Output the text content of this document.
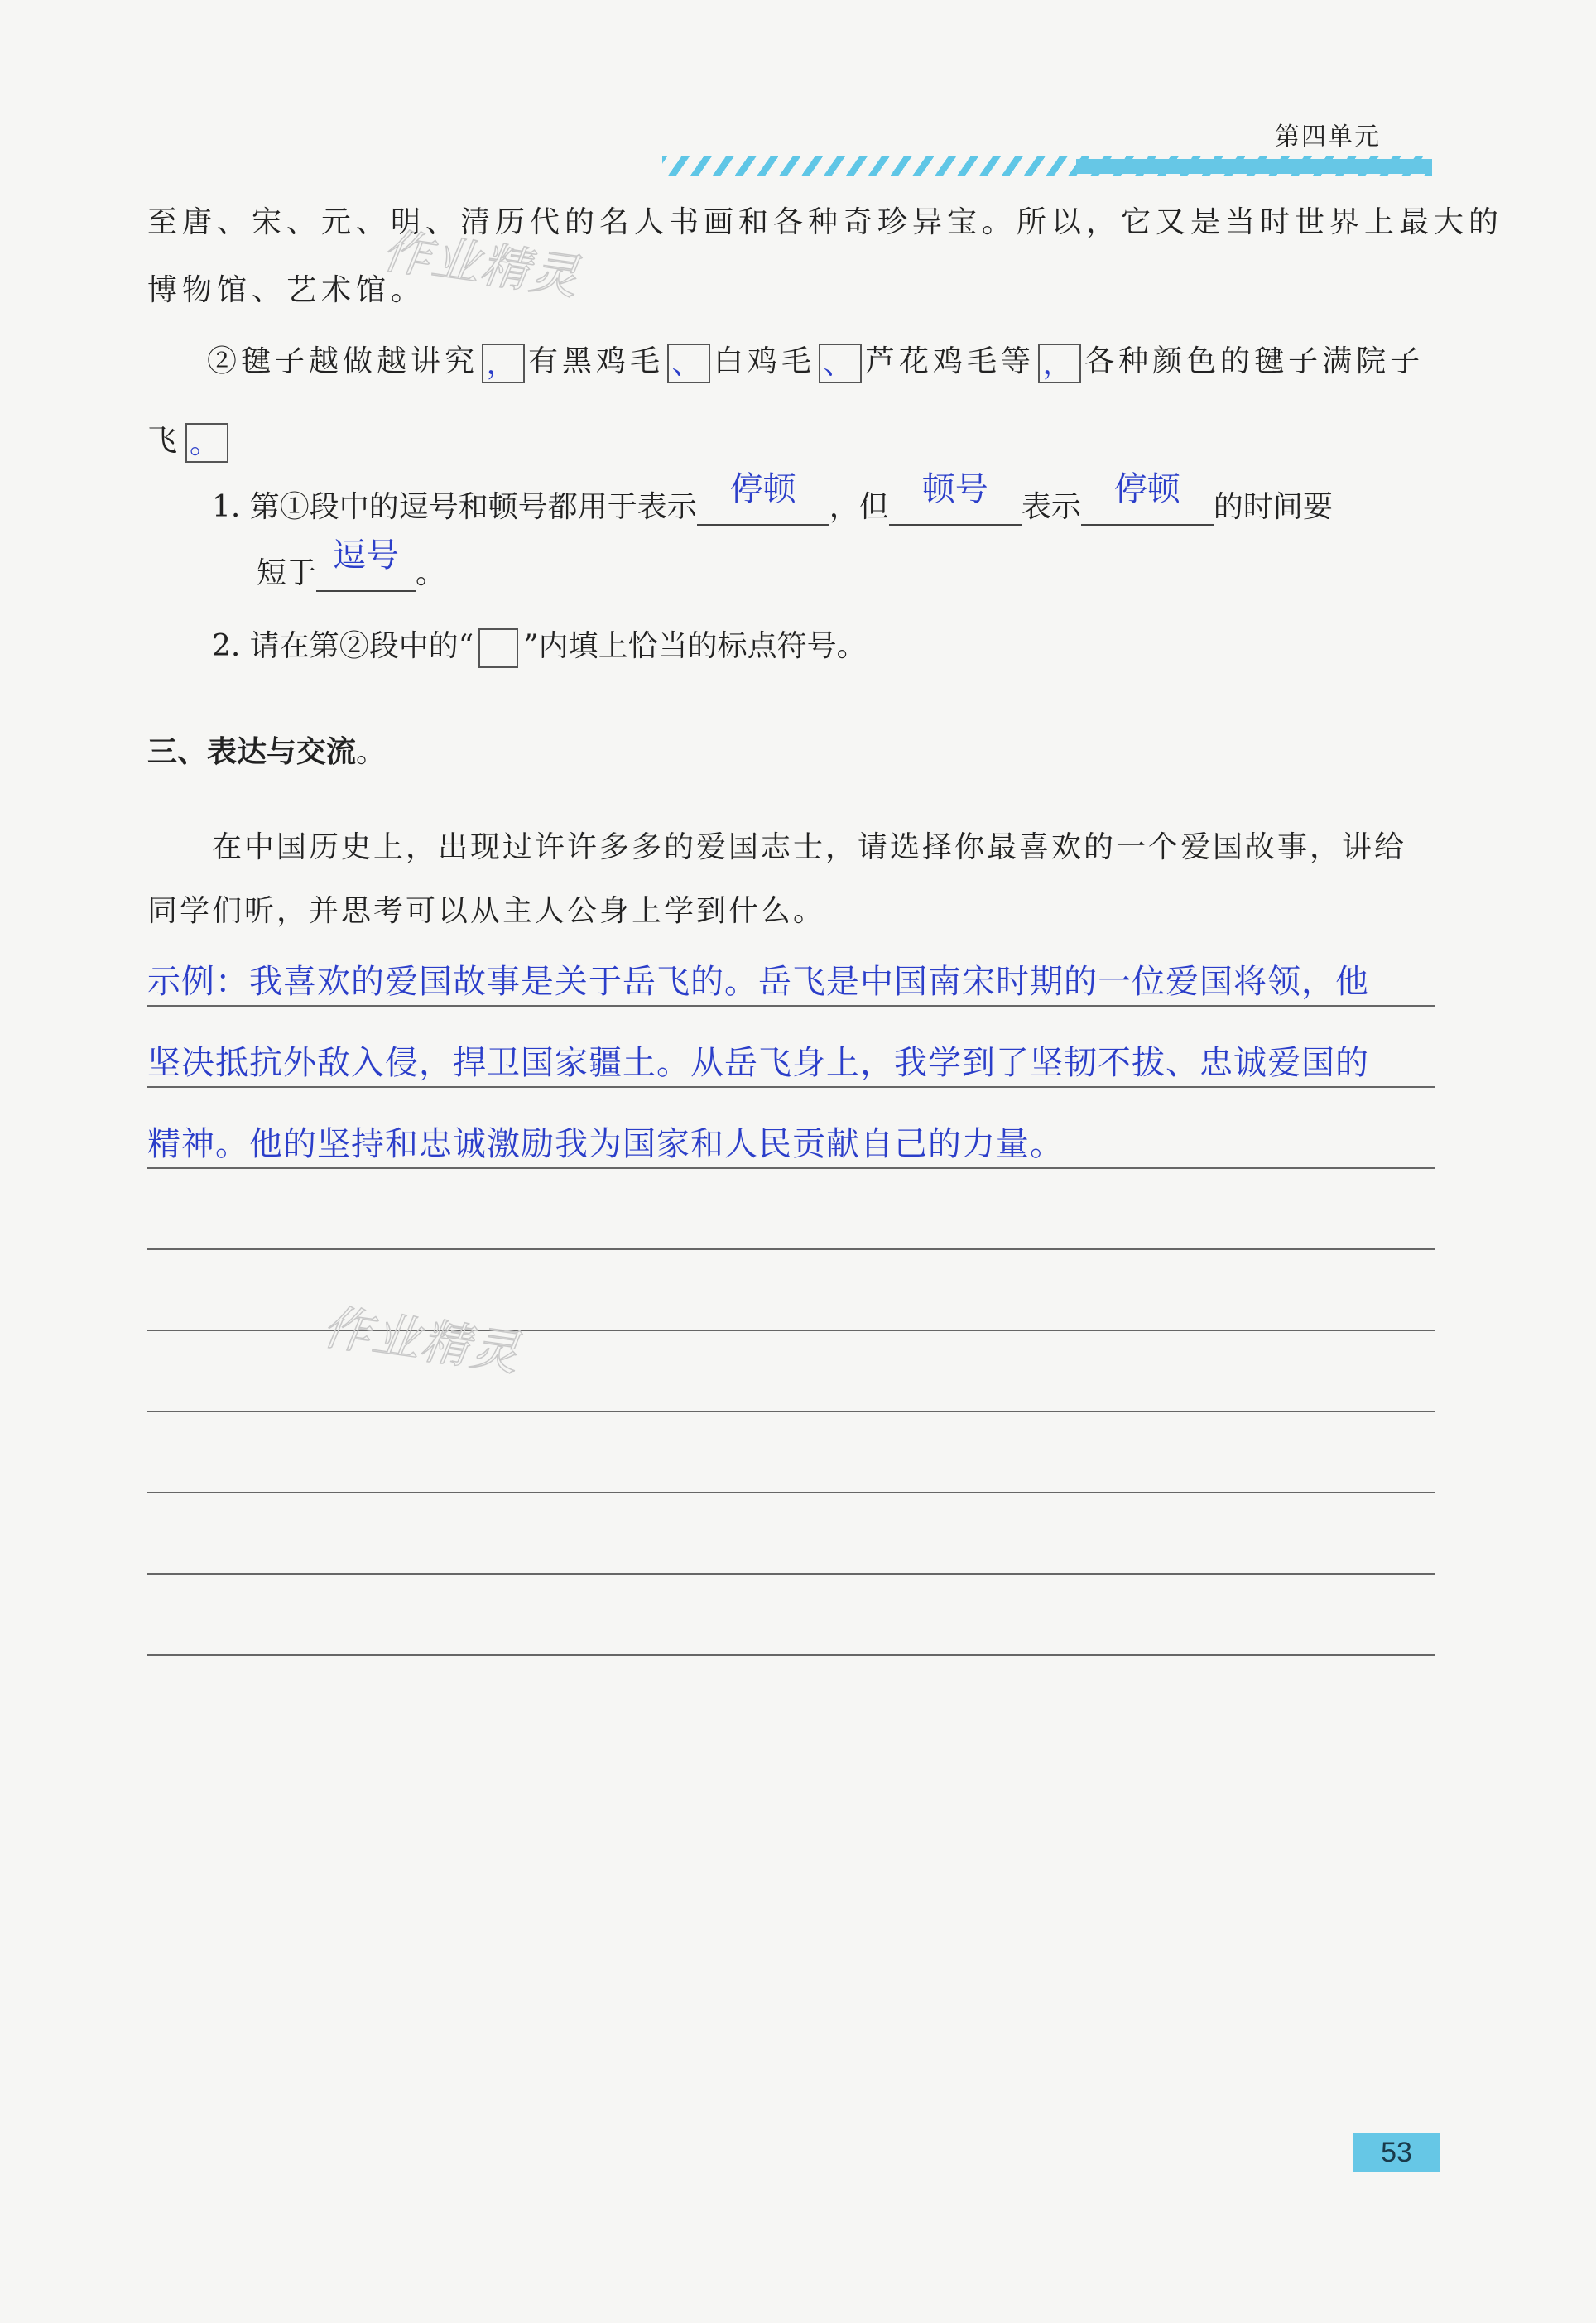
第四单元
至唐、宋、元、明、清历代的名人书画和各种奇珍异宝。所以，它又是当时世界上最大的
博物馆、艺术馆。
作业精灵
②毽子越做越讲究 ， 有黑鸡毛 、 白鸡毛 、 芦花鸡毛等 ， 各种颜色的毽子满院子
飞 。
1. 第①段中的逗号和顿号都用于表示	停顿	，但	顿号	表示	停顿	的时间要
短于 逗号 。
2. 请在第②段中的“ ”内填上恰当的标点符号。
三、表达与交流。
在中国历史上，出现过许许多多的爱国志士，请选择你最喜欢的一个爱国故事，讲给
同学们听，并思考可以从主人公身上学到什么。
示例：我喜欢的爱国故事是关于岳飞的。岳飞是中国南宋时期的一位爱国将领，他
坚决抵抗外敌入侵，捍卫国家疆土。从岳飞身上，我学到了坚韧不拔、忠诚爱国的
精神。他的坚持和忠诚激励我为国家和人民贡献自己的力量。
作业精灵
53
